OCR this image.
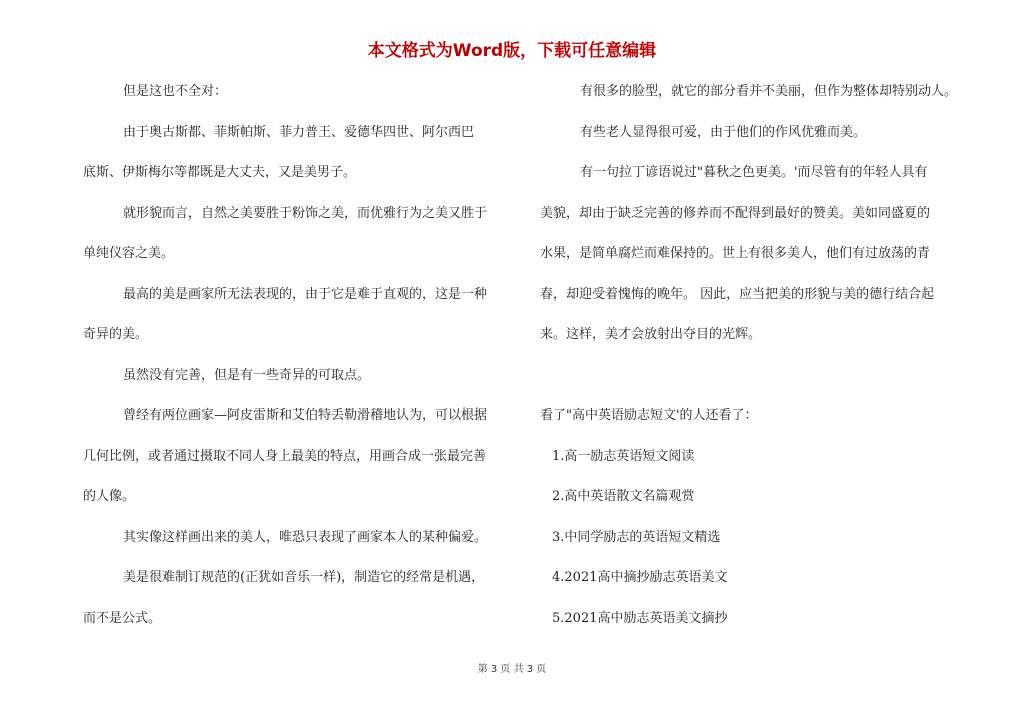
本文格式为Word版，下载可任意编辑

但是这也不全对：

由于奥古斯都、菲斯帕斯、菲力普王、爱德华四世、阿尔西巴

底斯、伊斯梅尔等都既是大丈夫，又是美男子。

就形貌而言，自然之美要胜于粉饰之美，而优雅行为之美又胜于

单纯仪容之美。

最高的美是画家所无法表现的，由于它是难于直观的，这是一种

奇异的美。

虽然没有完善，但是有一些奇异的可取点。

曾经有两位画家—阿皮雷斯和艾伯特丢勒滑稽地认为，可以根据

几何比例，或者通过摄取不同人身上最美的特点，用画合成一张最完善

的人像。

其实像这样画出来的美人，唯恐只表现了画家本人的某种偏爱。

美是很难制订规范的(正犹如音乐一样)，制造它的经常是机遇，

而不是公式。

有很多的脸型，就它的部分看并不美丽，但作为整体却特别动人。

有些老人显得很可爱，由于他们的作风优雅而美。

有一句拉丁谚语说过"暮秋之色更美。'而尽管有的年轻人具有

美貌，却由于缺乏完善的修养而不配得到最好的赞美。美如同盛夏的

水果，是简单腐烂而难保持的。世上有很多美人，他们有过放荡的青

春，却迎受着愧悔的晚年。 因此，应当把美的形貌与美的德行结合起

来。这样，美才会放射出夺目的光辉。

看了"高中英语励志短文'的人还看了：

1.高一励志英语短文阅读

2.高中英语散文名篇观赏

3.中同学励志的英语短文精选

4.2021高中摘抄励志英语美文

5.2021高中励志英语美文摘抄

第 3 页 共 3 页
